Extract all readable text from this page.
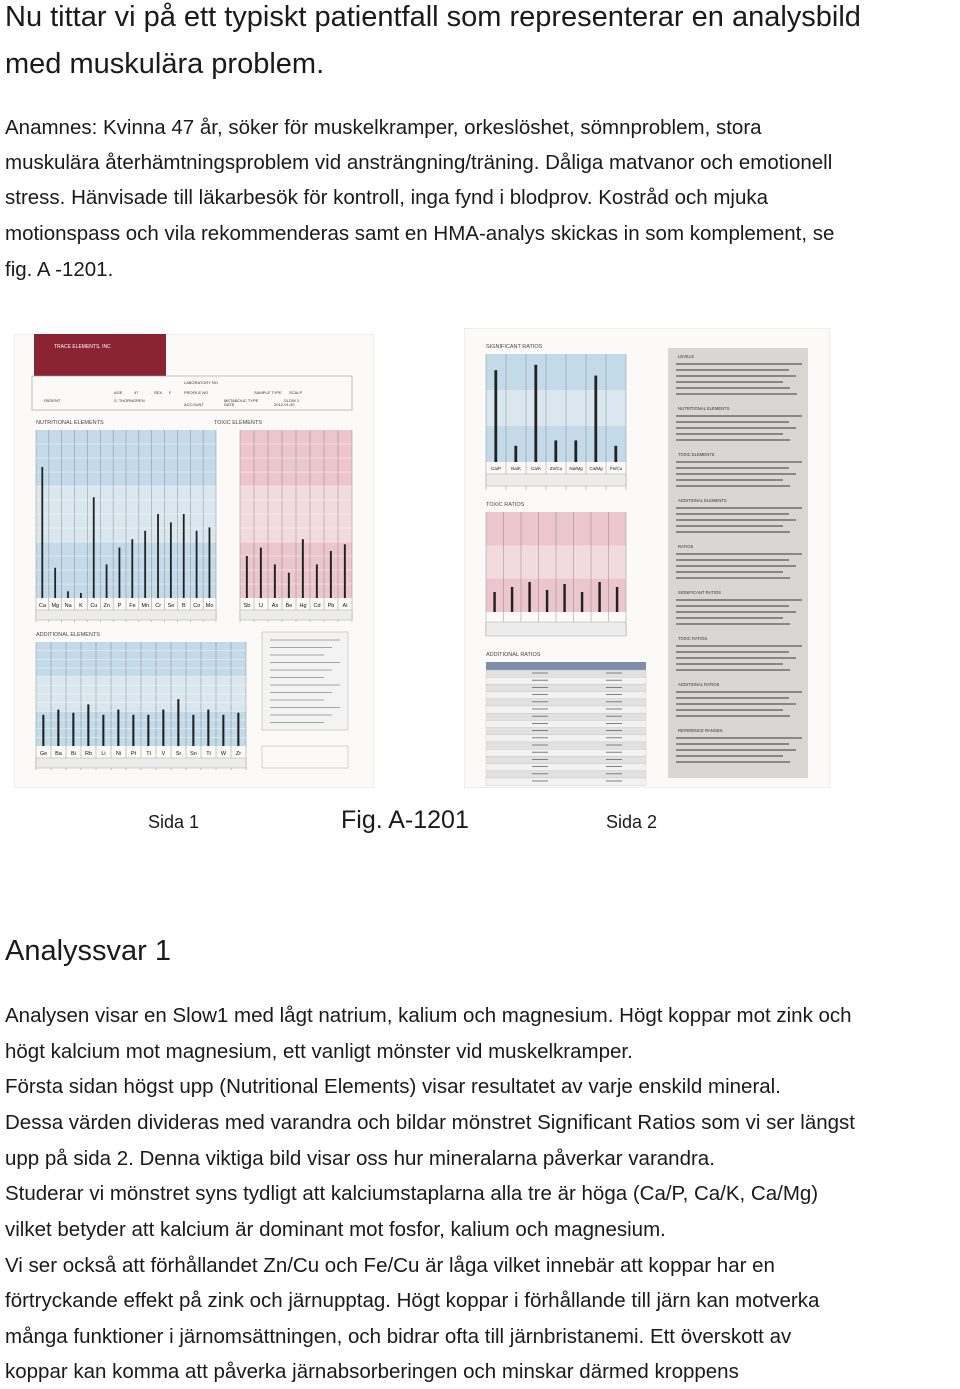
Nu tittar vi på ett typiskt patientfall som representerar en analysbild
med muskulära problem.
Anamnes: Kvinna 47 år, söker för muskelkramper, orkeslöshet, sömnproblem, stora
muskulära återhämtningsproblem vid ansträngning/träning. Dåliga matvanor och emotionell
stress. Hänvisade till läkarbesök för kontroll, inga fynd i blodprov. Kostråd och mjuka
motionspass och vila rekommenderas samt en HMA-analys skickas in som komplement, se
fig. A -1201.
TRACE ELEMENTS, INC
LABORATORY NO
PROFILE NO	SAMPLE TYPE SCALP
AGE	47	SEX F
METABOLIC TYPE	SLOW 1
PATIENT	S. THORNGREN
ACCOUNT	DATE	2012-01-30
NUTRITIONAL ELEMENTS	TOXIC ELEMENTS
Ca Mg Na K Cu Zn P Fe Mn Cr Se B Co Mo	Sb U As Be Hg Cd Pb Al
ADDITIONAL ELEMENTS
Ge Ba Bi Rb Li Ni Pt Tl V Sr Sn Ti W Zr
SIGNIFICANT RATIOS
Ca/P Na/K Ca/K Zn/Cu Na/Mg Ca/Mg Fe/Cu
TOXIC RATIOS
ADDITIONAL RATIOS
LEVELS
NUTRITIONAL ELEMENTS
TOXIC ELEMENTS
ADDITIONAL ELEMENTS
RATIOS
SIGNIFICANT RATIOS
TOXIC RATIOS
ADDITIONAL RATIOS
REFERENCE RANGES
Sida 1	Fig. A-1201	Sida 2
Analyssvar 1
Analysen visar en Slow1 med lågt natrium, kalium och magnesium. Högt koppar mot zink och
högt kalcium mot magnesium, ett vanligt mönster vid muskelkramper.
Första sidan högst upp (Nutritional Elements) visar resultatet av varje enskild mineral.
Dessa värden divideras med varandra och bildar mönstret Significant Ratios som vi ser längst
upp på sida 2. Denna viktiga bild visar oss hur mineralarna påverkar varandra.
Studerar vi mönstret syns tydligt att kalciumstaplarna alla tre är höga (Ca/P, Ca/K, Ca/Mg)
vilket betyder att kalcium är dominant mot fosfor, kalium och magnesium.
Vi ser också att förhållandet Zn/Cu och Fe/Cu är låga vilket innebär att koppar har en
förtryckande effekt på zink och järnupptag. Högt koppar i förhållande till järn kan motverka
många funktioner i järnomsättningen, och bidrar ofta till järnbristanemi. Ett överskott av
koppar kan komma att påverka järnabsorberingen och minskar därmed kroppens
